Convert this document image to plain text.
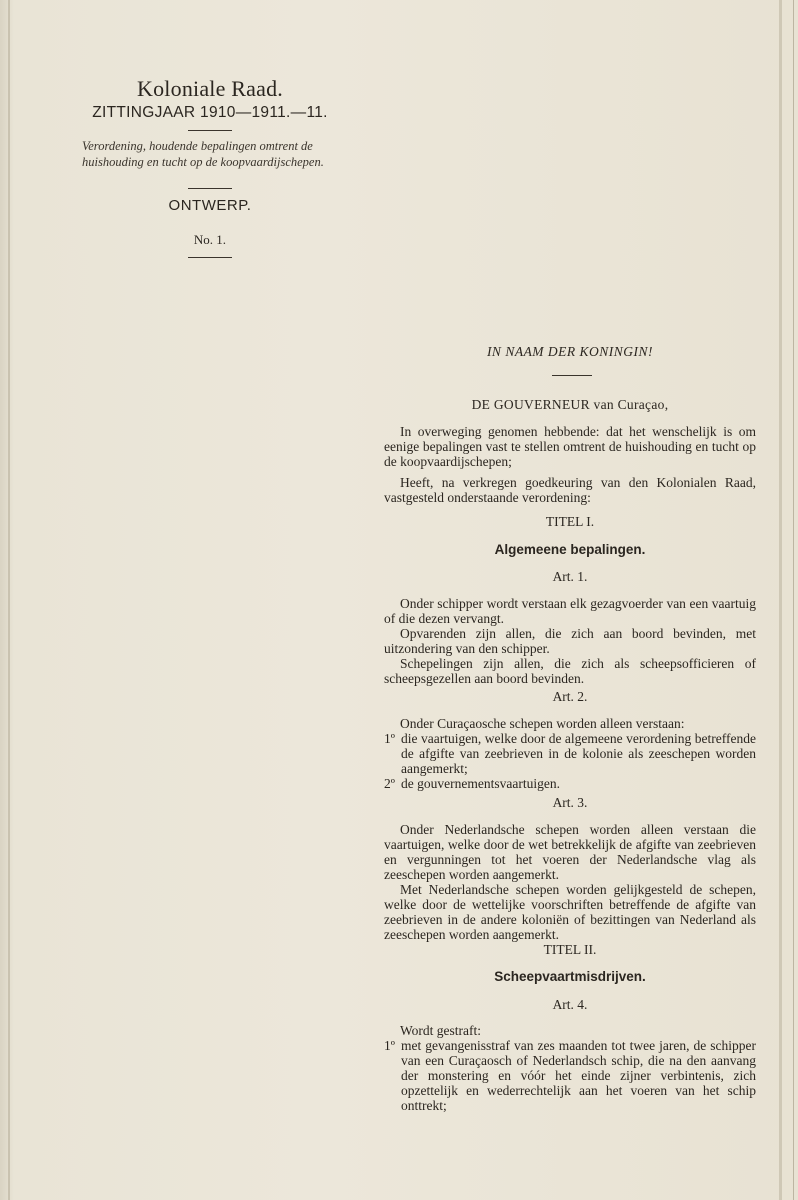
Koloniale Raad.
ZITTINGJAAR 1910—1911.—11.
Verordening, houdende bepalingen omtrent de huishouding en tucht op de koopvaardijschepen.
ONTWERP.
No. 1.
IN NAAM DER KONINGIN!
DE GOUVERNEUR van Curaçao,
In overweging genomen hebbende: dat het wenschelijk is om eenige bepalingen vast te stellen omtrent de huishouding en tucht op de koopvaardijschepen;
Heeft, na verkregen goedkeuring van den Kolonialen Raad, vastgesteld onderstaande verordening:
TITEL I.
Algemeene bepalingen.
Art. 1.

Onder schipper wordt verstaan elk gezagvoerder van een vaartuig of die dezen vervangt.

Opvarenden zijn allen, die zich aan boord bevinden, met uitzondering van den schipper.

Schepelingen zijn allen, die zich als scheepsofficieren of scheepsgezellen aan boord bevinden.

Art. 2.

Onder Curaçaosche schepen worden alleen verstaan:

1º die vaartuigen, welke door de algemeene verordening betreffende de afgifte van zeebrieven in de kolonie als zeeschepen worden aangemerkt;
2º de gouvernementsvaartuigen.
Art. 3.

Onder Nederlandsche schepen worden alleen verstaan die vaartuigen, welke door de wet betrekkelijk de afgifte van zeebrieven en vergunningen tot het voeren der Nederlandsche vlag als zeeschepen worden aangemerkt.

Met Nederlandsche schepen worden gelijkgesteld de schepen, welke door de wettelijke voorschriften betreffende de afgifte van zeebrieven in de andere koloniën of bezittingen van Nederland als zeeschepen worden aangemerkt.

TITEL II.
Scheepvaartmisdrijven.
Art. 4.

Wordt gestraft:

1º met gevangenisstraf van zes maanden tot twee jaren, de schipper van een Curaçaosch of Nederlandsch schip, die na den aanvang der monstering en vóór het einde zijner verbintenis, zich opzettelijk en wederrechtelijk aan het voeren van het schip onttrekt;
